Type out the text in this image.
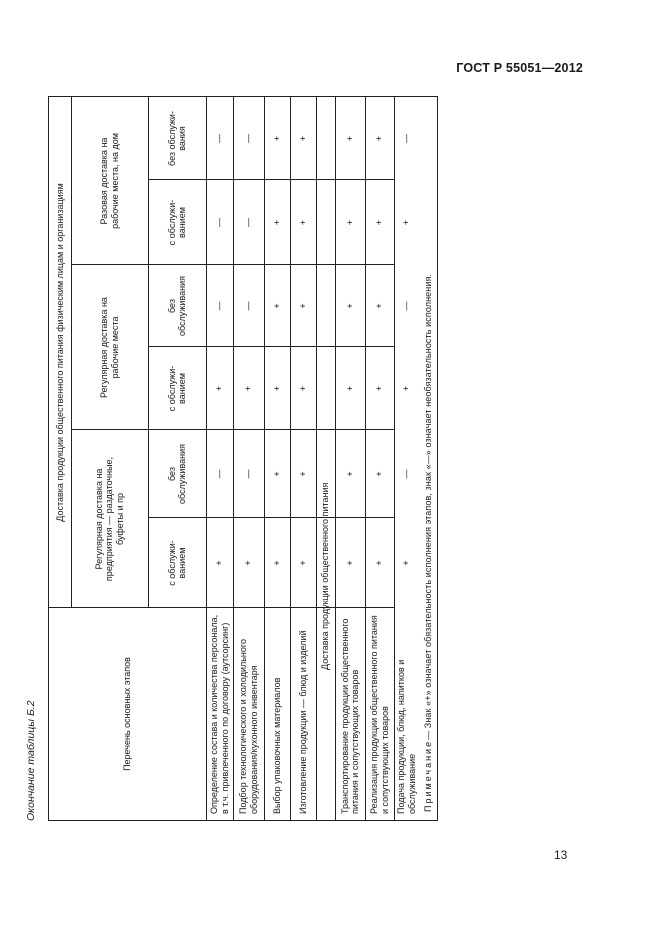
ГОСТ Р 55051—2012
Окончание таблицы Б.2	Перечень основных этапов
Доставка продукции общественного питания физическим лицам и организациям	Регулярная доставка на предприятия — раздаточные, буфеты и пр
Регулярная доставка на рабочие места
Разовая доставка на рабочие места, на дом
с обслужи-ванием
без обслуживания
с обслужи-ванием
без обслуживания
с обслужи-ванием
без обслужи-вания
Определение состава и количества персонала, в т.ч. привлеченного по договору (аутсорсинг)
+
—
+
—
—
—
Подбор технологического и холодильного оборудования/кухонного инвентаря
+
—
+
—
—
—
Выбор упаковочных материалов
+
+
+
+
+
+
Изготовление продукции — блюд и изделий
+
+
+
+
+
+
Доставка продукции общественного питания
Транспортирование продукции общественного питания и сопутствующих товаров
+
+
+
+
+
+
Реализация продукции общественного питания и сопутствующих товаров
+
+
+
+
+
+
Подача продукции, блюд, напитков и обслуживание
+
—
+
—
+
—
Примечание
— Знак «+» означает обязательность исполнения этапов, знак «—» означает необязательность исполнения.
13
